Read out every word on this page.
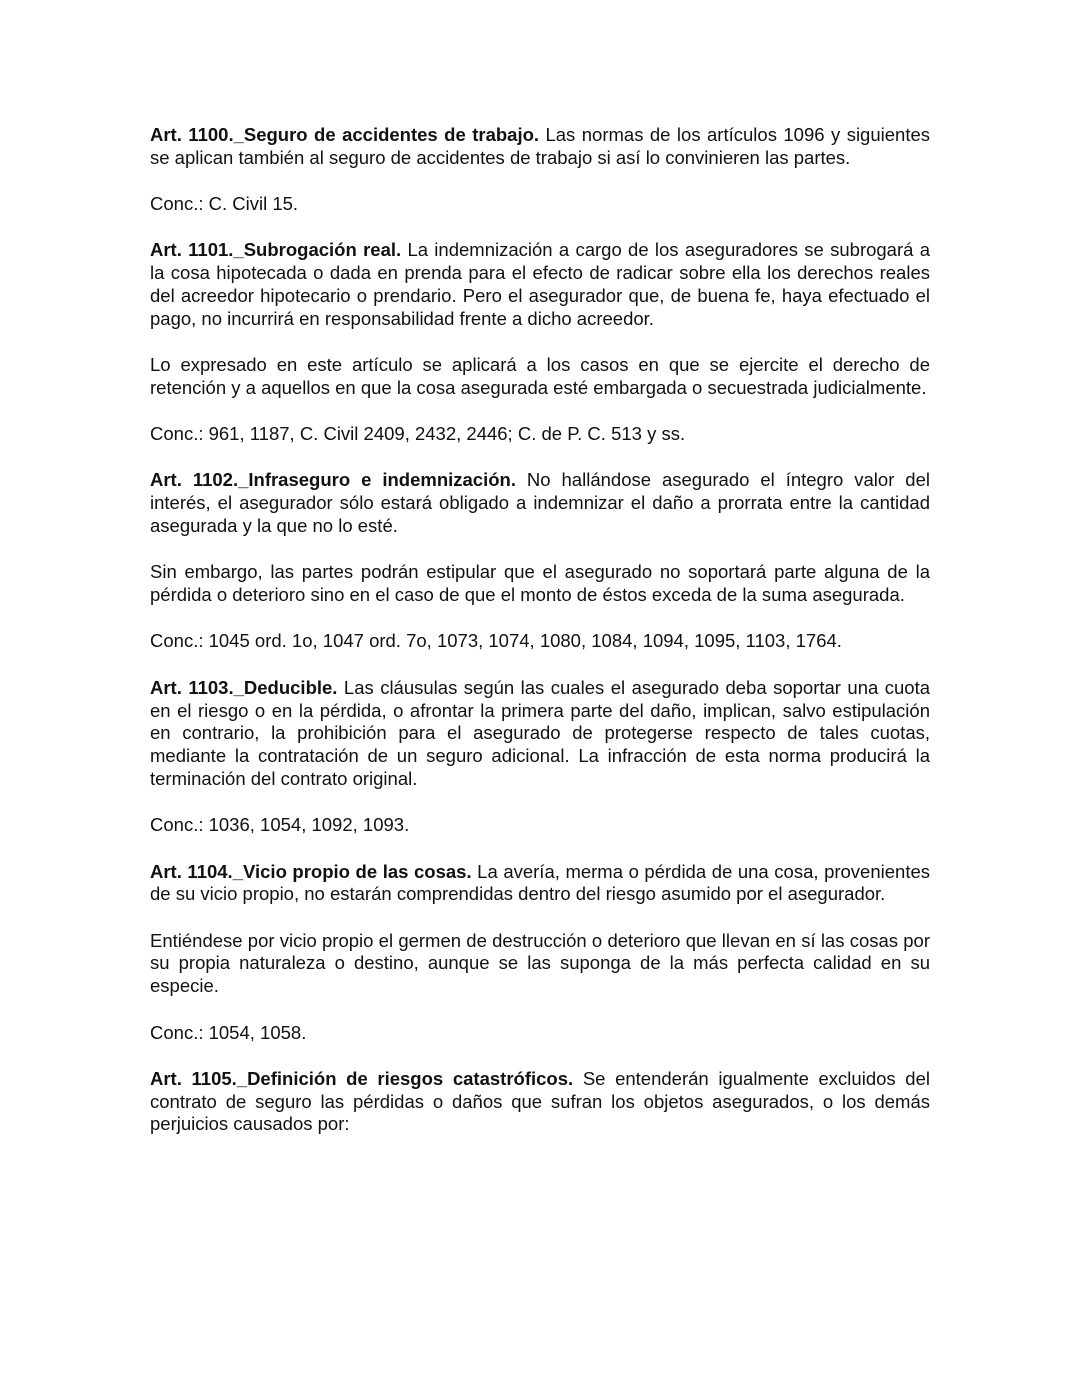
Art. 1100._Seguro de accidentes de trabajo. Las normas de los artículos 1096 y siguientes se aplican también al seguro de accidentes de trabajo si así lo convinieren las partes.

Conc.: C. Civil 15.

Art. 1101._Subrogación real. La indemnización a cargo de los aseguradores se subrogará a la cosa hipotecada o dada en prenda para el efecto de radicar sobre ella los derechos reales del acreedor hipotecario o prendario. Pero el asegurador que, de buena fe, haya efectuado el pago, no incurrirá en responsabilidad frente a dicho acreedor.

Lo expresado en este artículo se aplicará a los casos en que se ejercite el derecho de retención y a aquellos en que la cosa asegurada esté embargada o secuestrada judicialmente.

Conc.: 961, 1187, C. Civil 2409, 2432, 2446; C. de P. C. 513 y ss.

Art. 1102._Infraseguro e indemnización. No hallándose asegurado el íntegro valor del interés, el asegurador sólo estará obligado a indemnizar el daño a prorrata entre la cantidad asegurada y la que no lo esté.

Sin embargo, las partes podrán estipular que el asegurado no soportará parte alguna de la pérdida o deterioro sino en el caso de que el monto de éstos exceda de la suma asegurada.

Conc.: 1045 ord. 1o, 1047 ord. 7o, 1073, 1074, 1080, 1084, 1094, 1095, 1103, 1764.

Art. 1103._Deducible. Las cláusulas según las cuales el asegurado deba soportar una cuota en el riesgo o en la pérdida, o afrontar la primera parte del daño, implican, salvo estipulación en contrario, la prohibición para el asegurado de protegerse respecto de tales cuotas, mediante la contratación de un seguro adicional. La infracción de esta norma producirá la terminación del contrato original.

Conc.: 1036, 1054, 1092, 1093.

Art. 1104._Vicio propio de las cosas. La avería, merma o pérdida de una cosa, provenientes de su vicio propio, no estarán comprendidas dentro del riesgo asumido por el asegurador.

Entiéndese por vicio propio el germen de destrucción o deterioro que llevan en sí las cosas por su propia naturaleza o destino, aunque se las suponga de la más perfecta calidad en su especie.

Conc.: 1054, 1058.

Art. 1105._Definición de riesgos catastróficos. Se entenderán igualmente excluidos del contrato de seguro las pérdidas o daños que sufran los objetos asegurados, o los demás perjuicios causados por:
